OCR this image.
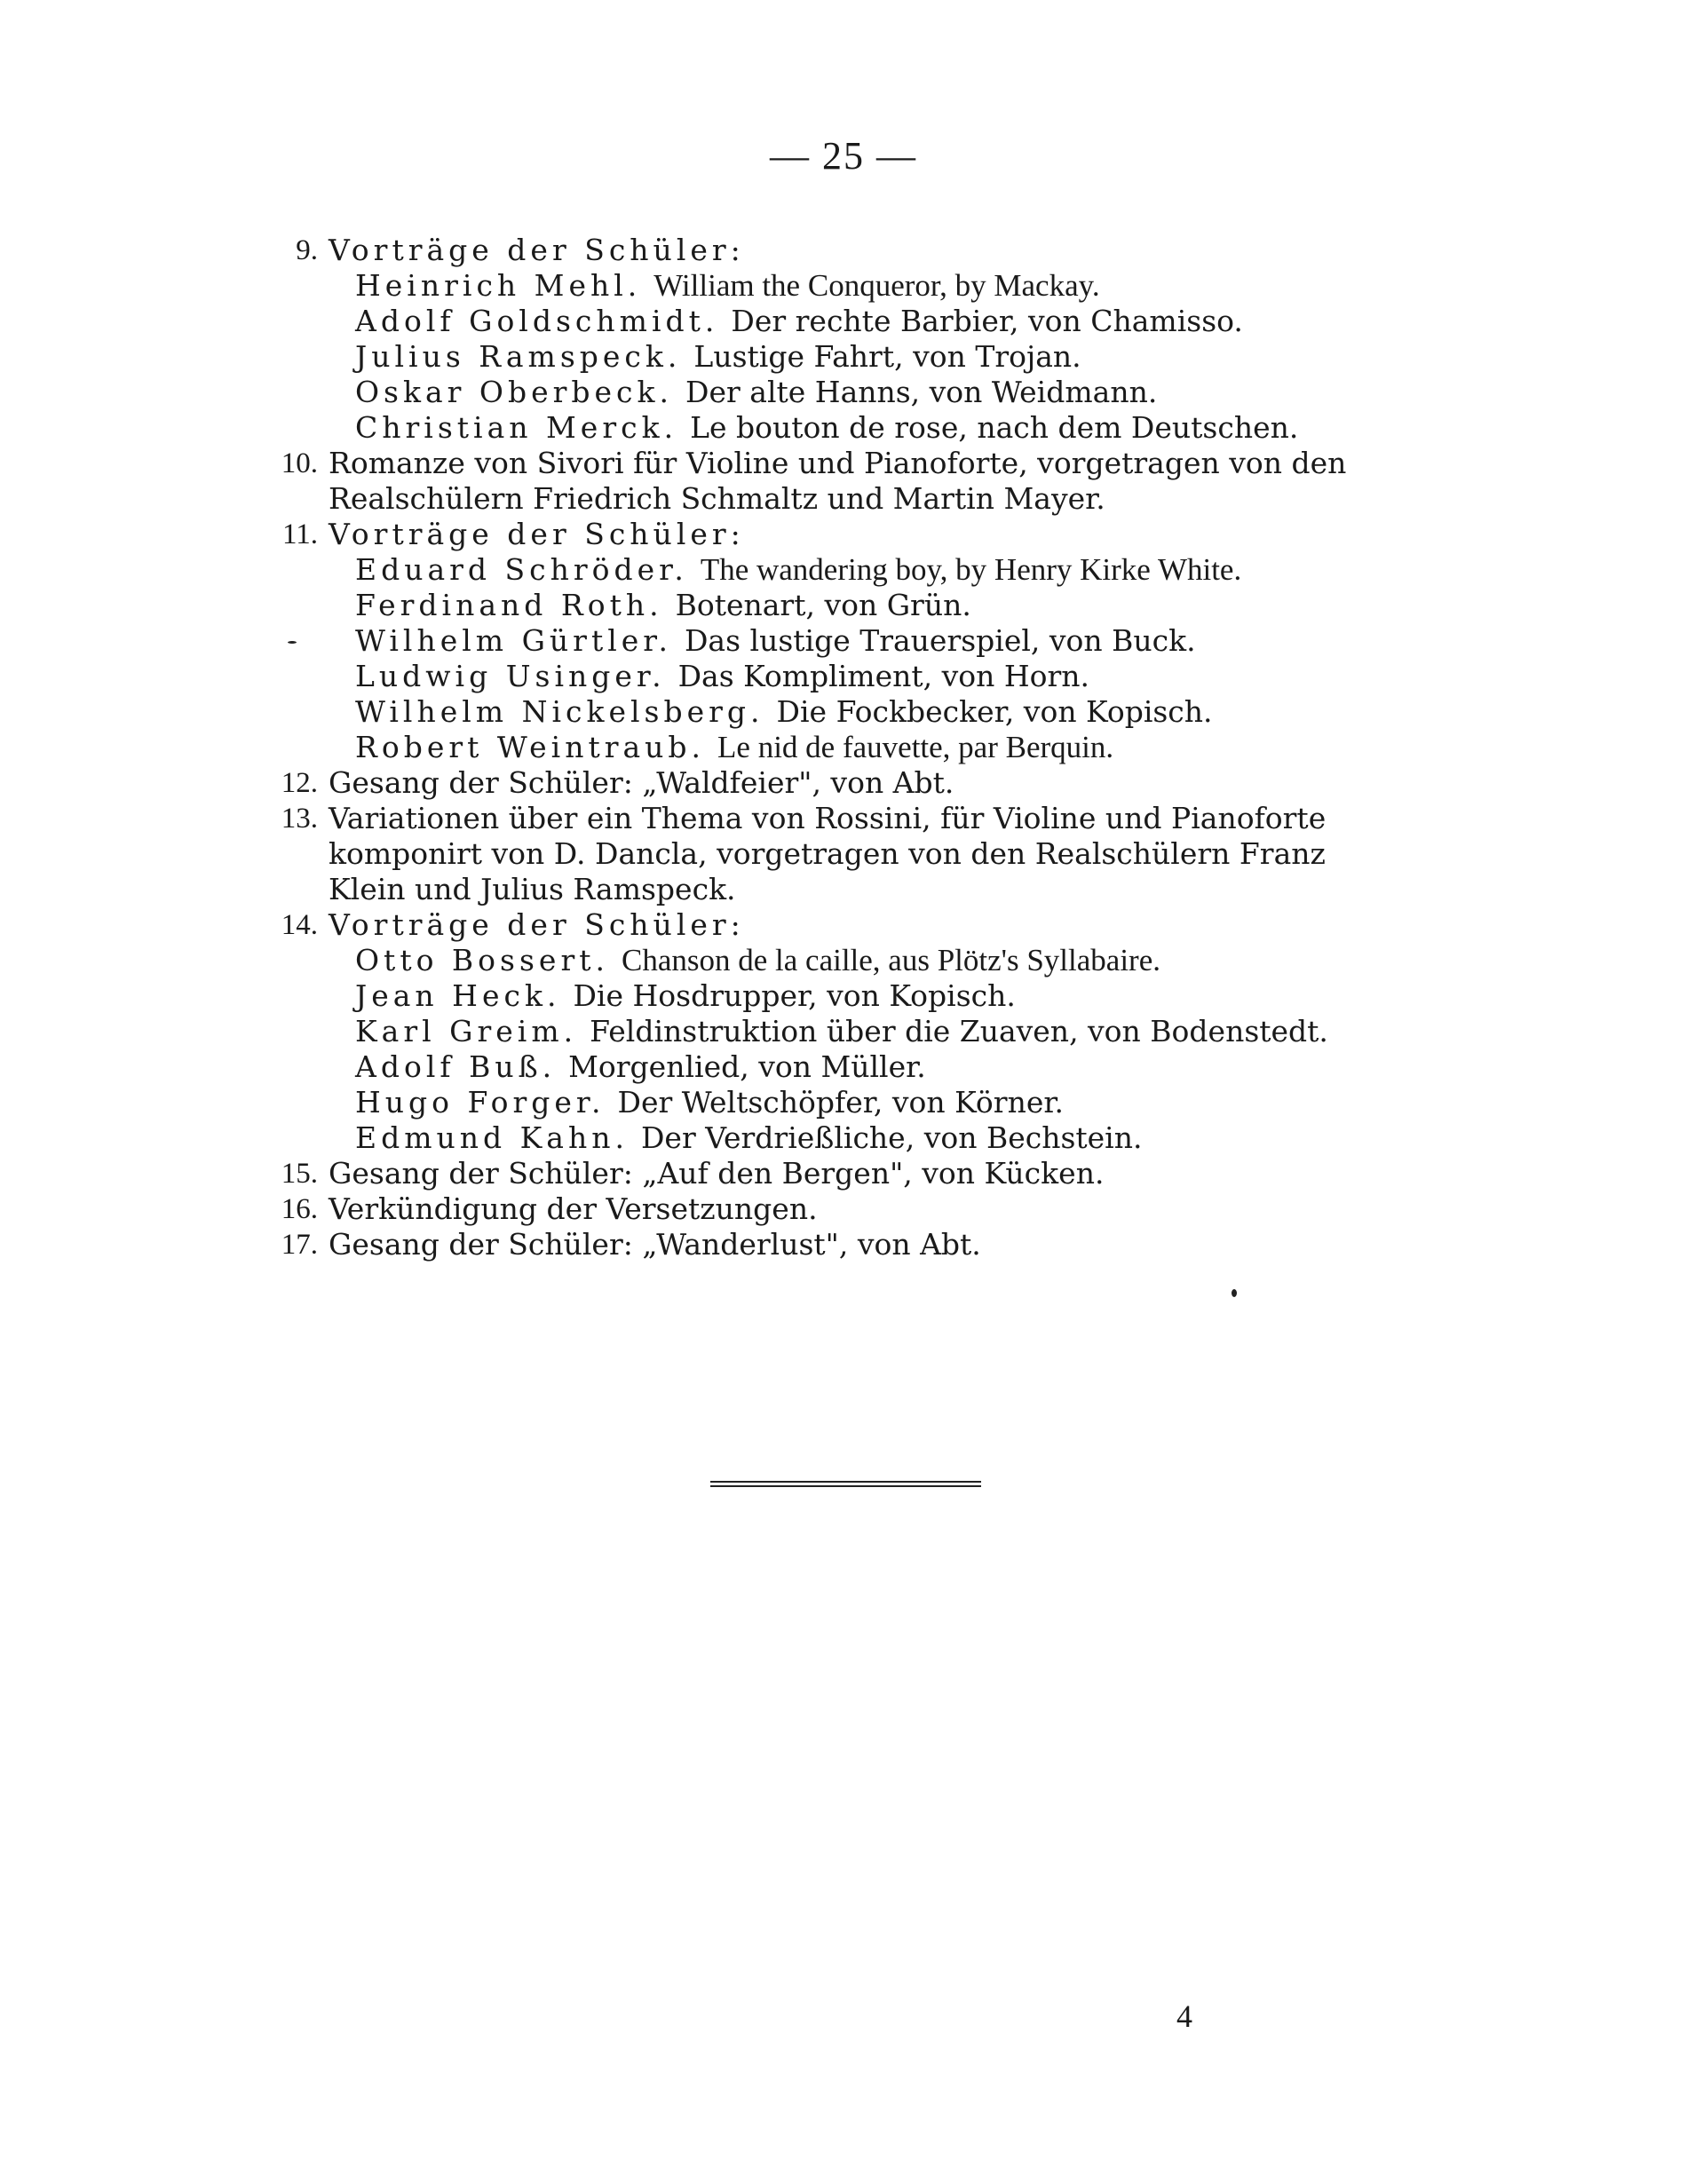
— 25 —
9. Vorträge der Schüler:
Heinrich Mehl. William the Conqueror, by Mackay.
Adolf Goldschmidt. Der rechte Barbier, von Chamisso.
Julius Ramspeck. Lustige Fahrt, von Trojan.
Oskar Oberbeck. Der alte Hanns, von Weidmann.
Christian Merck. Le bouton de rose, nach dem Deutschen.
10. Romanze von Sivori für Violine und Pianoforte, vorgetragen von den
Realschülern Friedrich Schmaltz und Martin Mayer.
11. Vorträge der Schüler:
Eduard Schröder. The wandering boy, by Henry Kirke White.
Ferdinand Roth. Botenart, von Grün.
Wilhelm Gürtler. Das lustige Trauerspiel, von Buck.
Ludwig Usinger. Das Kompliment, von Horn.
Wilhelm Nickelsberg. Die Fockbecker, von Kopisch.
Robert Weintraub. Le nid de fauvette, par Berquin.
12. Gesang der Schüler: „Waldfeier", von Abt.
13. Variationen über ein Thema von Rossini, für Violine und Pianoforte
komponirt von D. Dancla, vorgetragen von den Realschülern Franz
Klein und Julius Ramspeck.
14. Vorträge der Schüler:
Otto Bossert. Chanson de la caille, aus Plötz's Syllabaire.
Jean Heck. Die Hosdrupper, von Kopisch.
Karl Greim. Feldinstruktion über die Zuaven, von Bodenstedt.
Adolf Buß. Morgenlied, von Müller.
Hugo Forger. Der Weltschöpfer, von Körner.
Edmund Kahn. Der Verdrießliche, von Bechstein.
15. Gesang der Schüler: „Auf den Bergen", von Kücken.
16. Verkündigung der Versetzungen.
17. Gesang der Schüler: „Wanderlust", von Abt.
4
